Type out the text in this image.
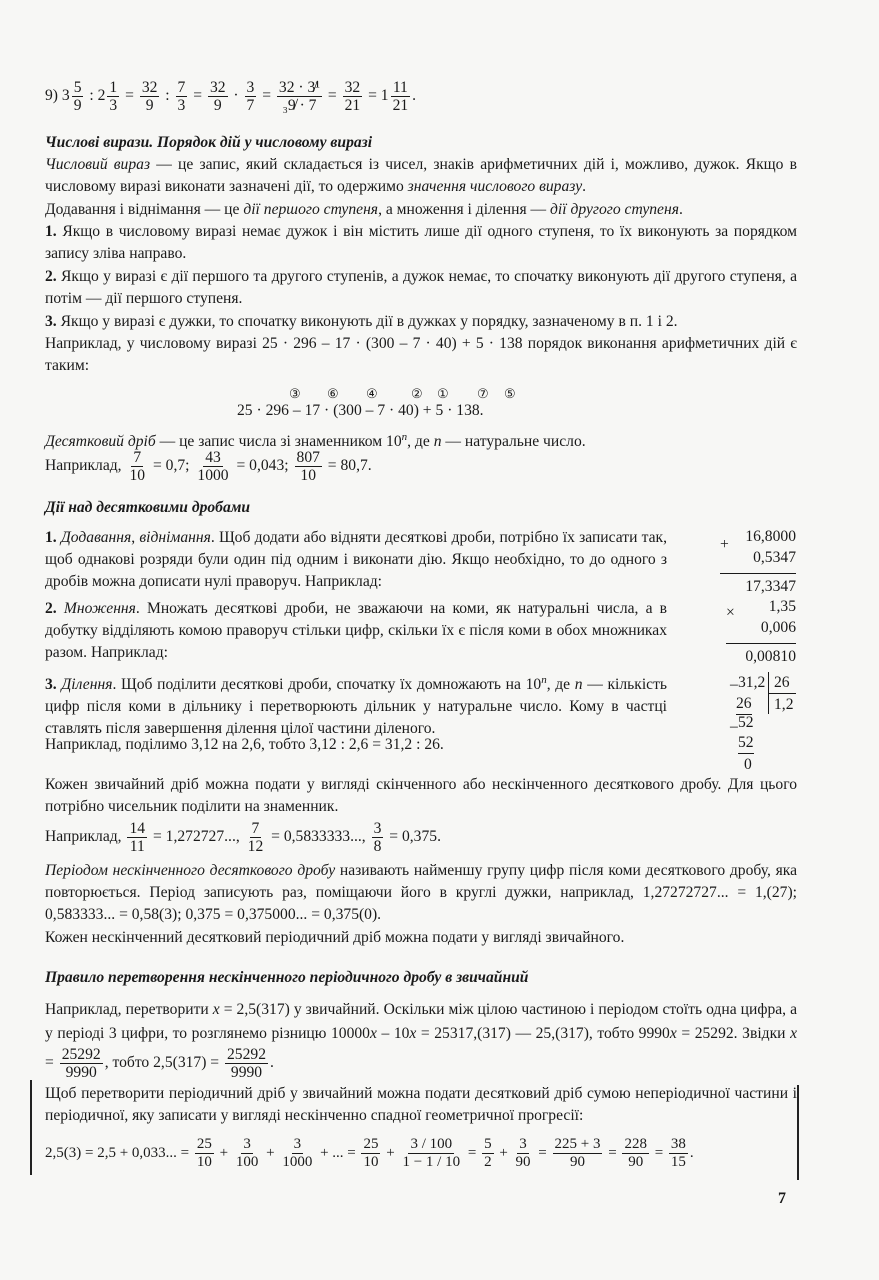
9) $3 \frac{5}{9}$ : $2 \frac{1}{3} = \frac{32}{9}$ : $\frac{7}{3} = \frac{32}{9} \cdot \frac{3}{7} = \frac{\text{32 · 3̸¹}}{\text{₃9̸ · 7}} = \frac{32}{21} = 1 \frac{11}{21}$ .
Числові вирази. Порядок дій у числовому виразі
Числовий вираз — це запис, який складається із чисел, знаків арифметичних дій і, можливо, дужок. Якщо в числовому виразі виконати зазначені дії, то одержимо значення числового виразу.
Додавання і віднімання — це дії першого ступеня, а множення і ділення — дії другого ступеня.
1. Якщо в числовому виразі немає дужок і він містить лише дії одного ступеня, то їх виконують за порядком запису зліва направо.
2. Якщо у виразі є дії першого та другого ступенів, а дужок немає, то спочатку виконують дії другого ступеня, а потім — дії першого ступеня.
3. Якщо у виразі є дужки, то спочатку виконують дії в дужках у порядку, зазначеному в п. 1 і 2.
Наприклад, у числовому виразі 25 · 296 – 17 · (300 – 7 · 40) + 5 · 138 порядок виконання арифметичних дій є таким:
③ ⑥ ④	② ① ⑦ ⑤
25 · 296 – 17 · (300 – 7 · 40) + 5 · 138.
Десятковий дріб — це запис числа зі знаменником 10$^n$, де n — натуральне число.
Наприклад, $\frac{7}{10} = 0,7$; $\frac{43}{1000} = 0,043$; $\frac{807}{10} = 80,7$.
Дії над десятковими дробами
1. Додавання, віднімання. Щоб додати або відняти десяткові дроби, потрібно їх записати так, щоб однакові розряди були один під одним і виконати дію. Якщо необхідно, то до одного з дробів можна дописати нулі праворуч. Наприклад:
2. Множення. Множать десяткові дроби, не зважаючи на коми, як натуральні числа, а в добутку відділяють комою праворуч стільки цифр, скільки їх є після коми в обох множниках разом. Наприклад:
3. Ділення. Щоб поділити десяткові дроби, спочатку їх домножають на 10$^n$, де n — кількість цифр після коми в дільнику і перетворюють дільник у натуральне число. Кому в частці ставлять після завершення ділення цілої частини діленого.
Наприклад, поділимо 3,12 на 2,6, тобто 3,12 : 2,6 = 31,2 : 26.
+ 16,8000
0,5347
17,3347
× 1,35
0,006
0,00810
– 31,2 26
1,2
26
– 52
52
0
Кожен звичайний дріб можна подати у вигляді скінченного або нескінченного десяткового дробу. Для цього потрібно чисельник поділити на знаменник.
Наприклад, $\frac{14}{11} = 1,272727$..., $\frac{7}{12} = 0,5833333$..., $\frac{3}{8} = 0,375$.
Періодом нескінченного десяткового дробу називають найменшу групу цифр після коми десяткового дробу, яка повторюється. Період записують раз, поміщаючи його в круглі дужки, наприклад, 1,27272727... = 1,(27); 0,583333... = 0,58(3); 0,375 = 0,375000... = 0,375(0).
Кожен нескінченний десятковий періодичний дріб можна подати у вигляді звичайного.
Правило перетворення нескінченного періодичного дробу в звичайний
Наприклад, перетворити x = 2,5(317) у звичайний. Оскільки між цілою частиною і періодом стоїть одна цифра, а у періоді 3 цифри, то розглянемо різницю 10000x – 10x = 25317,(317) — 25,(317), тобто 9990x = 25292. Звідки $x = \frac{25292}{9990}$ , тобто $2,5(317) = \frac{25292}{9990}$ .
Щоб перетворити періодичний дріб у звичайний можна подати десятковий дріб сумою неперіодичної частини і періодичної, яку записати у вигляді нескінченно спадної геометричної прогресії:
2,5(3) = 2,5 + 0,033... = $\frac{25}{10} + \frac{3}{100} + \frac{3}{1000}$ + ... = $\frac{25}{10} + \frac{3 / 100}{1 - 1 / 10} = \frac{5}{2} + \frac{3}{90} = \frac{225 + 3}{90} = \frac{228}{90} = \frac{38}{15}$ .
7
